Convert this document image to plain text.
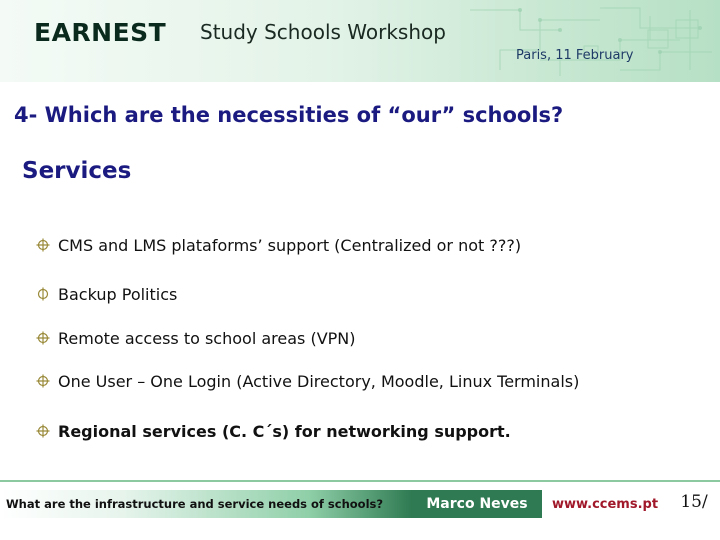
EARNEST Study Schools Workshop
Paris, 11 February
4- Which are the necessities of “our” schools?
Services
CMS and LMS plataforms’ support (Centralized or not ???)
Backup Politics
Remote access to school areas (VPN)
One User – One Login (Active Directory, Moodle, Linux Terminals)
Regional services (C. C´s) for networking support.
What are the infrastructure and service needs of schools?	Marco Neves www.ccems.pt 15/
